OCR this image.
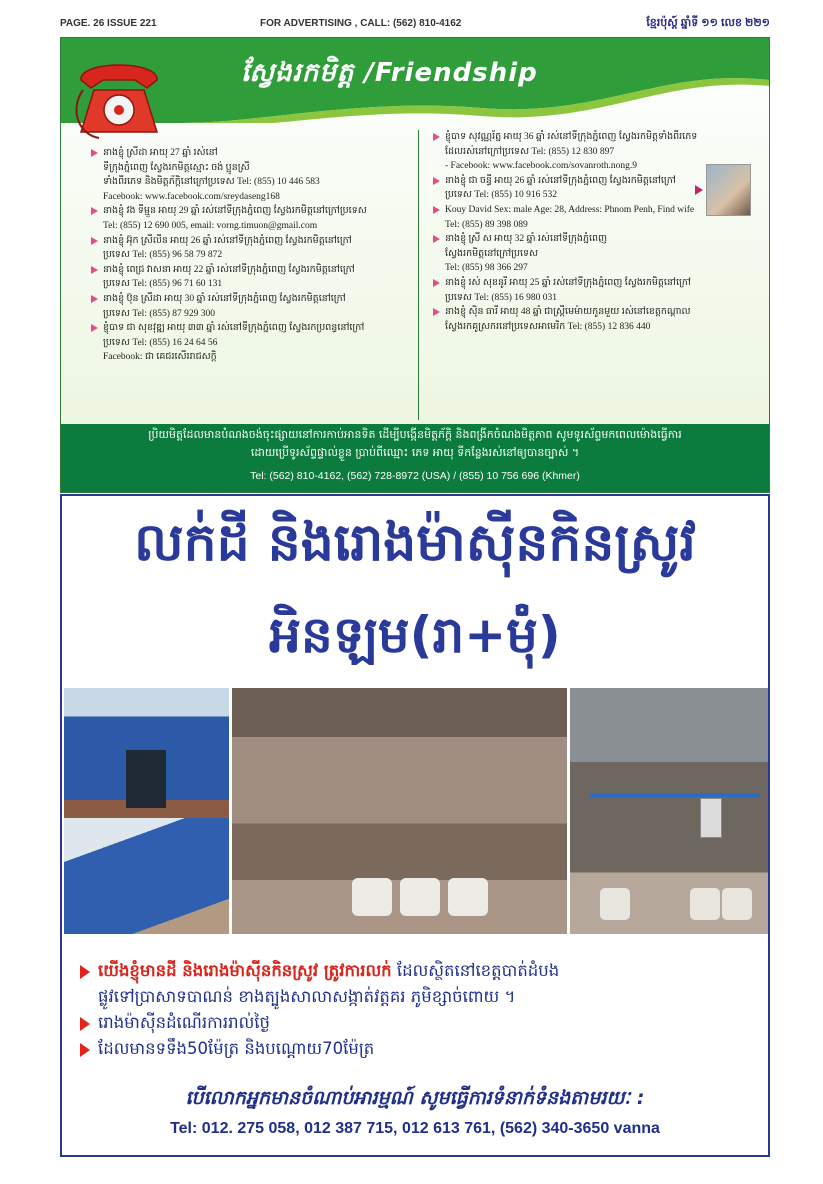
PAGE. 26 ISSUE 221	FOR ADVERTISING , CALL: (562) 810-4162	ខ្មែរប៉ុស្ត៍ ឆ្នាំទី ១១ លេខ ២២១
ស្វែងរកមិត្ត /Friendship
នាងខ្ញុំ ស្រីដា អាយុ 27 ឆ្នាំ រស់នៅ
ទីក្រុងភ្នំពេញ ស្វែងរកមិត្តស្មោះ ចង់ ប្អូនស្រី
ទាំងពីរភេទ និងមិត្តភ័ក្តិនៅក្រៅប្រទេស Tel: (855) 10 446 583
Facebook: www.facebook.com/sreydaseng168
នាងខ្ញុំ វង ទីម្មួន អាយុ 29 ឆ្នាំ រស់នៅទីក្រុងភ្នំពេញ ស្វែងរកមិត្តនៅក្រៅប្រទេស
Tel: (855) 12 690 005, email: vorng.timuon@gmail.com
នាងខ្ញុំ អ៊ុក ស្រីលីន អាយុ 26 ឆ្នាំ រស់នៅទីក្រុងភ្នំពេញ ស្វែងរកមិត្តនៅក្រៅ
ប្រទេស Tel: (855) 96 58 79 872
នាងខ្ញុំ ពេជ្រ វាសនា អាយុ 22 ឆ្នាំ រស់នៅទីក្រុងភ្នំពេញ ស្វែងរកមិត្តនៅក្រៅ
ប្រទេស Tel: (855) 96 71 60 131
នាងខ្ញុំ ប៊ុន ស្រីដា អាយុ 30 ឆ្នាំ រស់នៅទីក្រុងភ្នំពេញ ស្វែងរកមិត្តនៅក្រៅ
ប្រទេស Tel: (855) 87 929 300
ខ្ញុំបាទ ជា សុខវុឌ្ឍ អាយុ ៣៣ ឆ្នាំ រស់នៅទីក្រុងភ្នំពេញ ស្វែងរកប្រពន្ធនៅក្រៅ
ប្រទេស Tel: (855) 16 24 64 56
Facebook: ជា គេជរសើររាជសក្តិ
ខ្ញុំបាទ សុវណ្ណរ័ត្ន អាយុ 36 ឆ្នាំ រស់នៅទីក្រុងភ្នំពេញ ស្វែងរកមិត្តទាំងពីរភេទ
ដែលរស់នៅក្រៅប្រទេស Tel: (855) 12 830 897
- Facebook: www.facebook.com/sovanroth.nong.9
នាងខ្ញុំ ជា ចន្ធី អាយុ 26 ឆ្នាំ រស់នៅទីក្រុងភ្នំពេញ ស្វែងរកមិត្តនៅក្រៅ
ប្រទេស Tel: (855) 10 916 532
Kouy David Sex: male Age: 28, Address: Phnom Penh, Find wife
Tel: (855) 89 398 089
នាងខ្ញុំ ស្រី ស អាយុ 32 ឆ្នាំ រស់នៅទីក្រុងភ្នំពេញ
ស្វែងរកមិត្តនៅក្រៅប្រទេស
Tel: (855) 98 366 297
នាងខ្ញុំ រស់ សុខនូរី អាយុ 25 ឆ្នាំ រស់នៅទីក្រុងភ្នំពេញ ស្វែងរកមិត្តនៅក្រៅ
ប្រទេស Tel: (855) 16 980 031
នាងខ្ញុំ ស៊ិន ធារី អាយុ 48 ឆ្នាំ ជាស្ត្រីមេម៉ាយកូនមួយ រស់នៅខេត្តកណ្តាល
ស្វែងរកគូស្រករនៅប្រទេសអាមេរិក Tel: (855) 12 836 440
ប្រិយមិត្តដែលមានបំណងចង់ចុះផ្សាយនៅការកាប់អានទិត ដើម្បីបង្កើនមិត្តភ័ក្តិ និងពង្រីកចំណងមិត្តភាព សូមទូរស័ព្ទមកពេលម៉ោងធ្វើការ
ដោយប្រើទូរស័ព្ទផ្ទាល់ខ្លួន ប្រាប់ពីឈ្មោះ ភេទ អាយុ ទីកន្លែងរស់នៅឲ្យបានច្បាស់ ។
Tel: (562) 810-4162, (562) 728-8972 (USA) / (855) 10 756 696 (Khmer)
លក់ដី និងរោងម៉ាស៊ីនកិនស្រូវ
អិនឡម(រា+ម៉ុំ)
យើងខ្ញុំមានដី និងរោងម៉ាស៊ីនកិនស្រូវ ត្រូវការលក់ ដែលស្ថិតនៅខេត្តបាត់ដំបង
ផ្លូវទៅប្រាសាទបាណន់ ខាងត្បូងសាលាសង្កាត់វត្តគរ ភូមិខ្សាច់ពោយ ។
រោងម៉ាស៊ីនដំណើរការរាល់ថ្ងៃ
ដែលមានទទឹង50ម៉ែត្រ និងបណ្តោយ70ម៉ែត្រ
បើលោកអ្នកមានចំណាប់អារម្មណ៍ សូមធ្វើការទំនាក់ទំនងតាមរយៈ :
Tel: 012. 275 058, 012 387 715, 012 613 761, (562) 340-3650 vanna
